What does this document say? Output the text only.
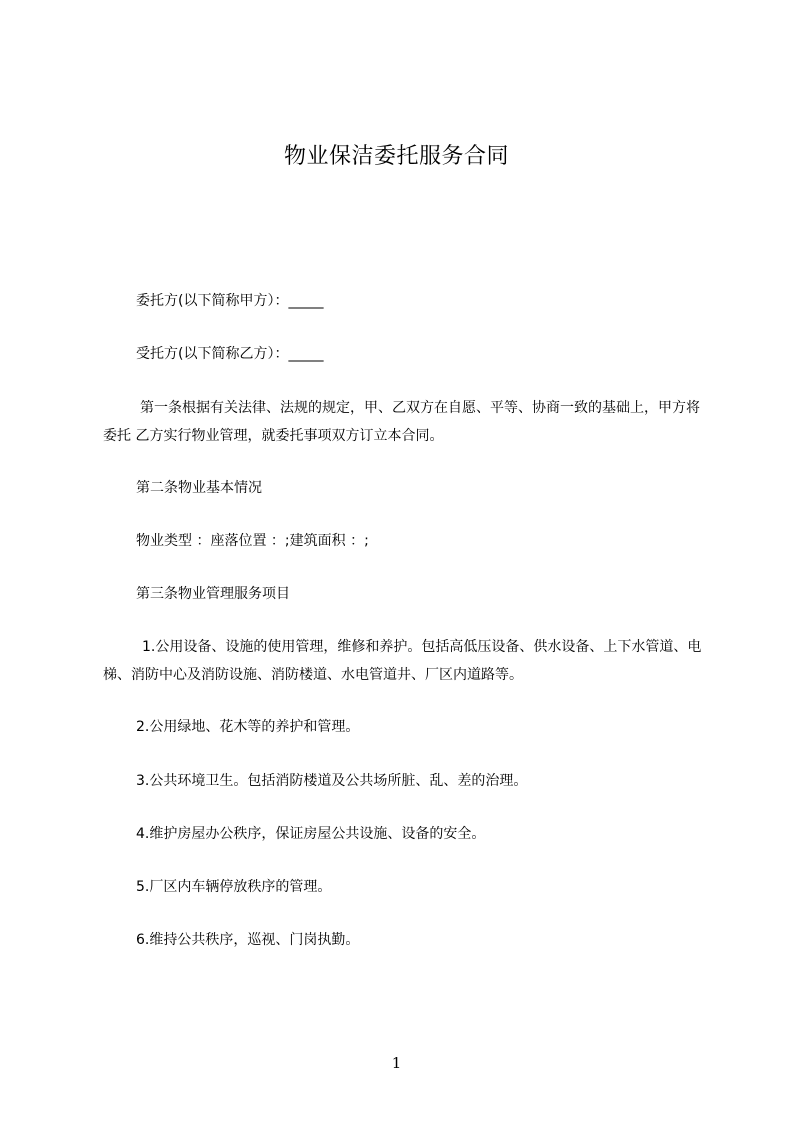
物业保洁委托服务合同
委托方(以下简称甲方）：_____
受托方(以下简称乙方）：_____
第一条根据有关法律、法规的规定，甲、乙双方在自愿、平等、协商一致的基础上，甲方将委托 乙方实行物业管理，就委托事项双方订立本合同。
第二条物业基本情况
物业类型 ：座落位置 ：;建筑面积 ：;
第三条物业管理服务项目
1.公用设备、设施的使用管理，维修和养护。包括高低压设备、供水设备、上下水管道、电梯、消防中心及消防设施、消防楼道、水电管道井、厂区内道路等。
2.公用绿地、花木等的养护和管理。
3.公共环境卫生。包括消防楼道及公共场所脏、乱、差的治理。
4.维护房屋办公秩序，保证房屋公共设施、设备的安全。
5.厂区内车辆停放秩序的管理。
6.维持公共秩序，巡视、门岗执勤。
1
